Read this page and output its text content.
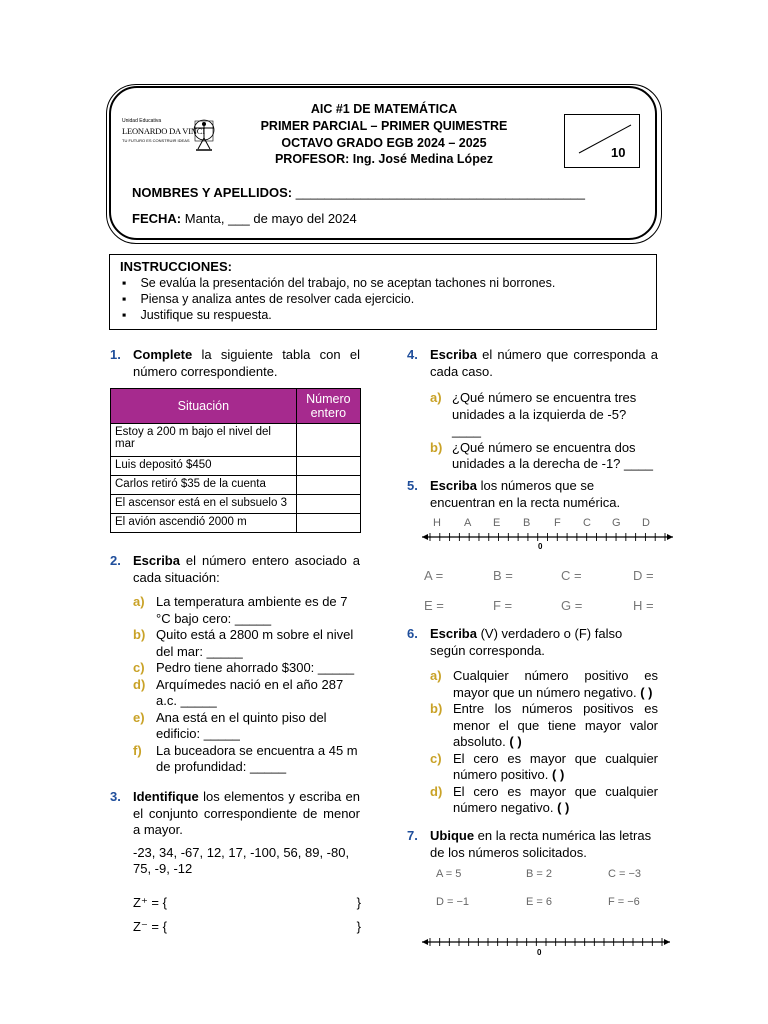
Unidad Educativa
LEONARDO DA VINCI
TU FUTURO ES CONSTRUIR IDEAS
AIC #1 DE MATEMÁTICA
PRIMER PARCIAL – PRIMER QUIMESTRE
OCTAVO GRADO EGB 2024 – 2025
PROFESOR: Ing. José Medina López	10
NOMBRES Y APELLIDOS: ________________________________________
FECHA: Manta, ___ de mayo del 2024
INSTRUCCIONES:
▪ Se evalúa la presentación del trabajo, no se aceptan tachones ni borrones.
▪ Piensa y analiza antes de resolver cada ejercicio.
▪ Justifique su respuesta.
1. Complete la siguiente tabla con el número correspondiente.
Situación	Número entero
Estoy a 200 m bajo el nivel del mar	
Luis depositó $450	
Carlos retiró $35 de la cuenta	
El ascensor está en el subsuelo 3	
El avión ascendió 2000 m	
2. Escriba el número entero asociado a cada situación:
a) La temperatura ambiente es de 7 °C bajo cero: _____
b) Quito está a 2800 m sobre el nivel del mar: _____
c) Pedro tiene ahorrado $300: _____
d) Arquímedes nació en el año 287 a.c. _____
e) Ana está en el quinto piso del edificio: _____
f)	La buceadora se encuentra a 45 m de profundidad: _____
3. Identifique los elementos y escriba en el conjunto correspondiente de menor a mayor.
-23, 34, -67, 12, 17, -100, 56, 89, -80, 75, -9, -12
Z⁺ = {	}
Z⁻ = {	}
4. Escriba el número que corresponda a cada caso.
a) ¿Qué número se encuentra tres unidades a la izquierda de -5? ____
b) ¿Qué número se encuentra dos unidades a la derecha de -1? ____
5. Escriba los números que se encuentran en la recta numérica.
H A E B F C G D
0
A =	B =	C =	D =
E =	F =	G =	H =
6. Escriba (V) verdadero o (F) falso según corresponda.
a) Cualquier número positivo es mayor que un número negativo. ( )
b) Entre los números positivos es menor el que tiene mayor valor absoluto. ( )
c) El cero es mayor que cualquier número positivo. ( )
d) El cero es mayor que cualquier número negativo. ( )
7. Ubique en la recta numérica las letras de los números solicitados.
A = 5	B = 2	C = −3
D = −1	E = 6	F = −6
0
